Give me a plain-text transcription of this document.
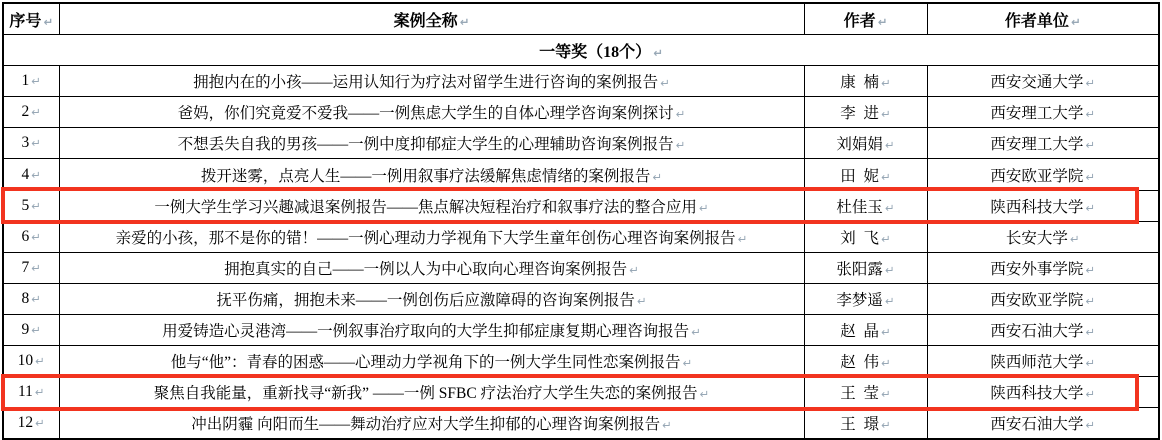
序号 ↵	案例全称 ↵	作者 ↵	作者单位 ↵
一等奖（18个） ↵			
1 ↵	拥抱内在的小孩——运用认知行为疗法对留学生进行咨询的案例报告 ↵	康  楠 ↵	西安交通大学 ↵
2 ↵	爸妈，你们究竟爱不爱我——一例焦虑大学生的自体心理学咨询案例探讨 ↵	李  进 ↵	西安理工大学 ↵
3 ↵	不想丢失自我的男孩——一例中度抑郁症大学生的心理辅助咨询案例报告 ↵	刘娟娟 ↵	西安理工大学 ↵
4 ↵	拨开迷雾，点亮人生——一例用叙事疗法缓解焦虑情绪的案例报告 ↵	田  妮 ↵	西安欧亚学院 ↵
5 ↵	一例大学生学习兴趣减退案例报告——焦点解决短程治疗和叙事疗法的整合应用 ↵	杜佳玉 ↵	陕西科技大学 ↵
6 ↵	亲爱的小孩，那不是你的错！——一例心理动力学视角下大学生童年创伤心理咨询案例报告 ↵	刘  飞 ↵	长安大学 ↵
7 ↵	拥抱真实的自己——一例以人为中心取向心理咨询案例报告 ↵	张阳露 ↵	西安外事学院 ↵
8 ↵	抚平伤痛，拥抱未来——一例创伤后应激障碍的咨询案例报告 ↵	李梦遥 ↵	西安欧亚学院 ↵
9 ↵	用爱铸造心灵港湾——一例叙事治疗取向的大学生抑郁症康复期心理咨询报告 ↵	赵  晶 ↵	西安石油大学 ↵
10 ↵	他与“他”：青春的困惑——心理动力学视角下的一例大学生同性恋案例报告 ↵	赵  伟 ↵	陕西师范大学 ↵
11 ↵	聚焦自我能量，重新找寻“新我” ——一例 SFBC 疗法治疗大学生失恋的案例报告 ↵	王  莹 ↵	陕西科技大学 ↵
12 ↵	冲出阴霾 向阳而生——舞动治疗应对大学生抑郁的心理咨询案例报告 ↵	王  璟 ↵	西安石油大学 ↵
